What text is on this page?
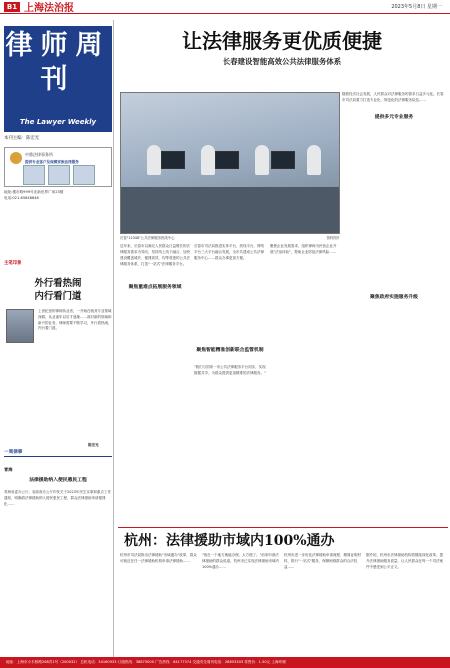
B1 上海法治报	2023年5月8日 星期一
律师周刊
The Lawyer Weekly
本刊主编：陈宏光
中鼎法律事务所
提供专业客户及规模家族法律服务
地址:楼市路999号北新世界广场23楼
电话:021-65848848
主笔印象
外行看热闹
内行看门道
上世纪里的律师执业者，一开始在就其专业领域深耕，从业诸年以后才逐渐……面对新的领域和新兴的业务，律师需要不断学习，外行看热闹，内行看门道。
陈宏光
一周律事
青海
法律援助纳入便民惠民工程
青海省委办公厅、省政府办公厅印发关于2023年民生实事和重点工作通知，明确将法律援助纳入便民惠民工程，群众法律援助申请便捷化……
让法律服务更优质便捷
长春建设智能高效公共法律服务体系
随着经济社会发展，人民群众对法律服务的需求日益多元化。长春市司法局着力打造专业化、规范化的法律服务队伍……
提供多元专业服务
长春"12348"公共法律服务热线中心	资料图片
近年来，长春市以满足人民群众日益增长的法律服务需求为导向，坚持线上线下融合，加快建设覆盖城乡、便捷高效、均等普惠的公共法律服务体系，打造"一站式"法律服务平台。
聚焦重难点拓展服务领域
长春市司法局推进实体平台、热线平台、网络平台三大平台融合发展，全市共建成公共法律服务中心……群众办事更加方便。
聚焦智能精准创新联合监管机制
"我们与国家一市公共法律服务平台同步，实现数据共享，为群众提供更加精准的法律服务。"
聚焦企业发展需求，组织律师为民营企业开展"法治体检"，帮助企业防范法律风险……
聚焦政府实施服务升级
杭州：法律援助市域内100%通办
杭州市司法局推出法律援助"市域通办"改革，群众可就近在任一法律援助机构申请法律援助……
"现在一个地方就能办理，太方便了。"前来申请法律援助的群众说道。杭州市已实现法律援助市域内100%通办……
杭州市进一步优化法律援助申请流程，精简证明材料，推行"一站式"服务，保障困难群众的合法权益……
据介绍，杭州市法律援助机构将继续深化改革，提升法律援助服务质量，让人民群众在每一个司法案件中感受到公平正义。
地址：上海市小木桥路268弄1号（200032） 总机电话：34160933 订阅热线：38875000 广告热线：64177374 交通安全周刊电话：28853303 零售价：1.50元 上海印刷
